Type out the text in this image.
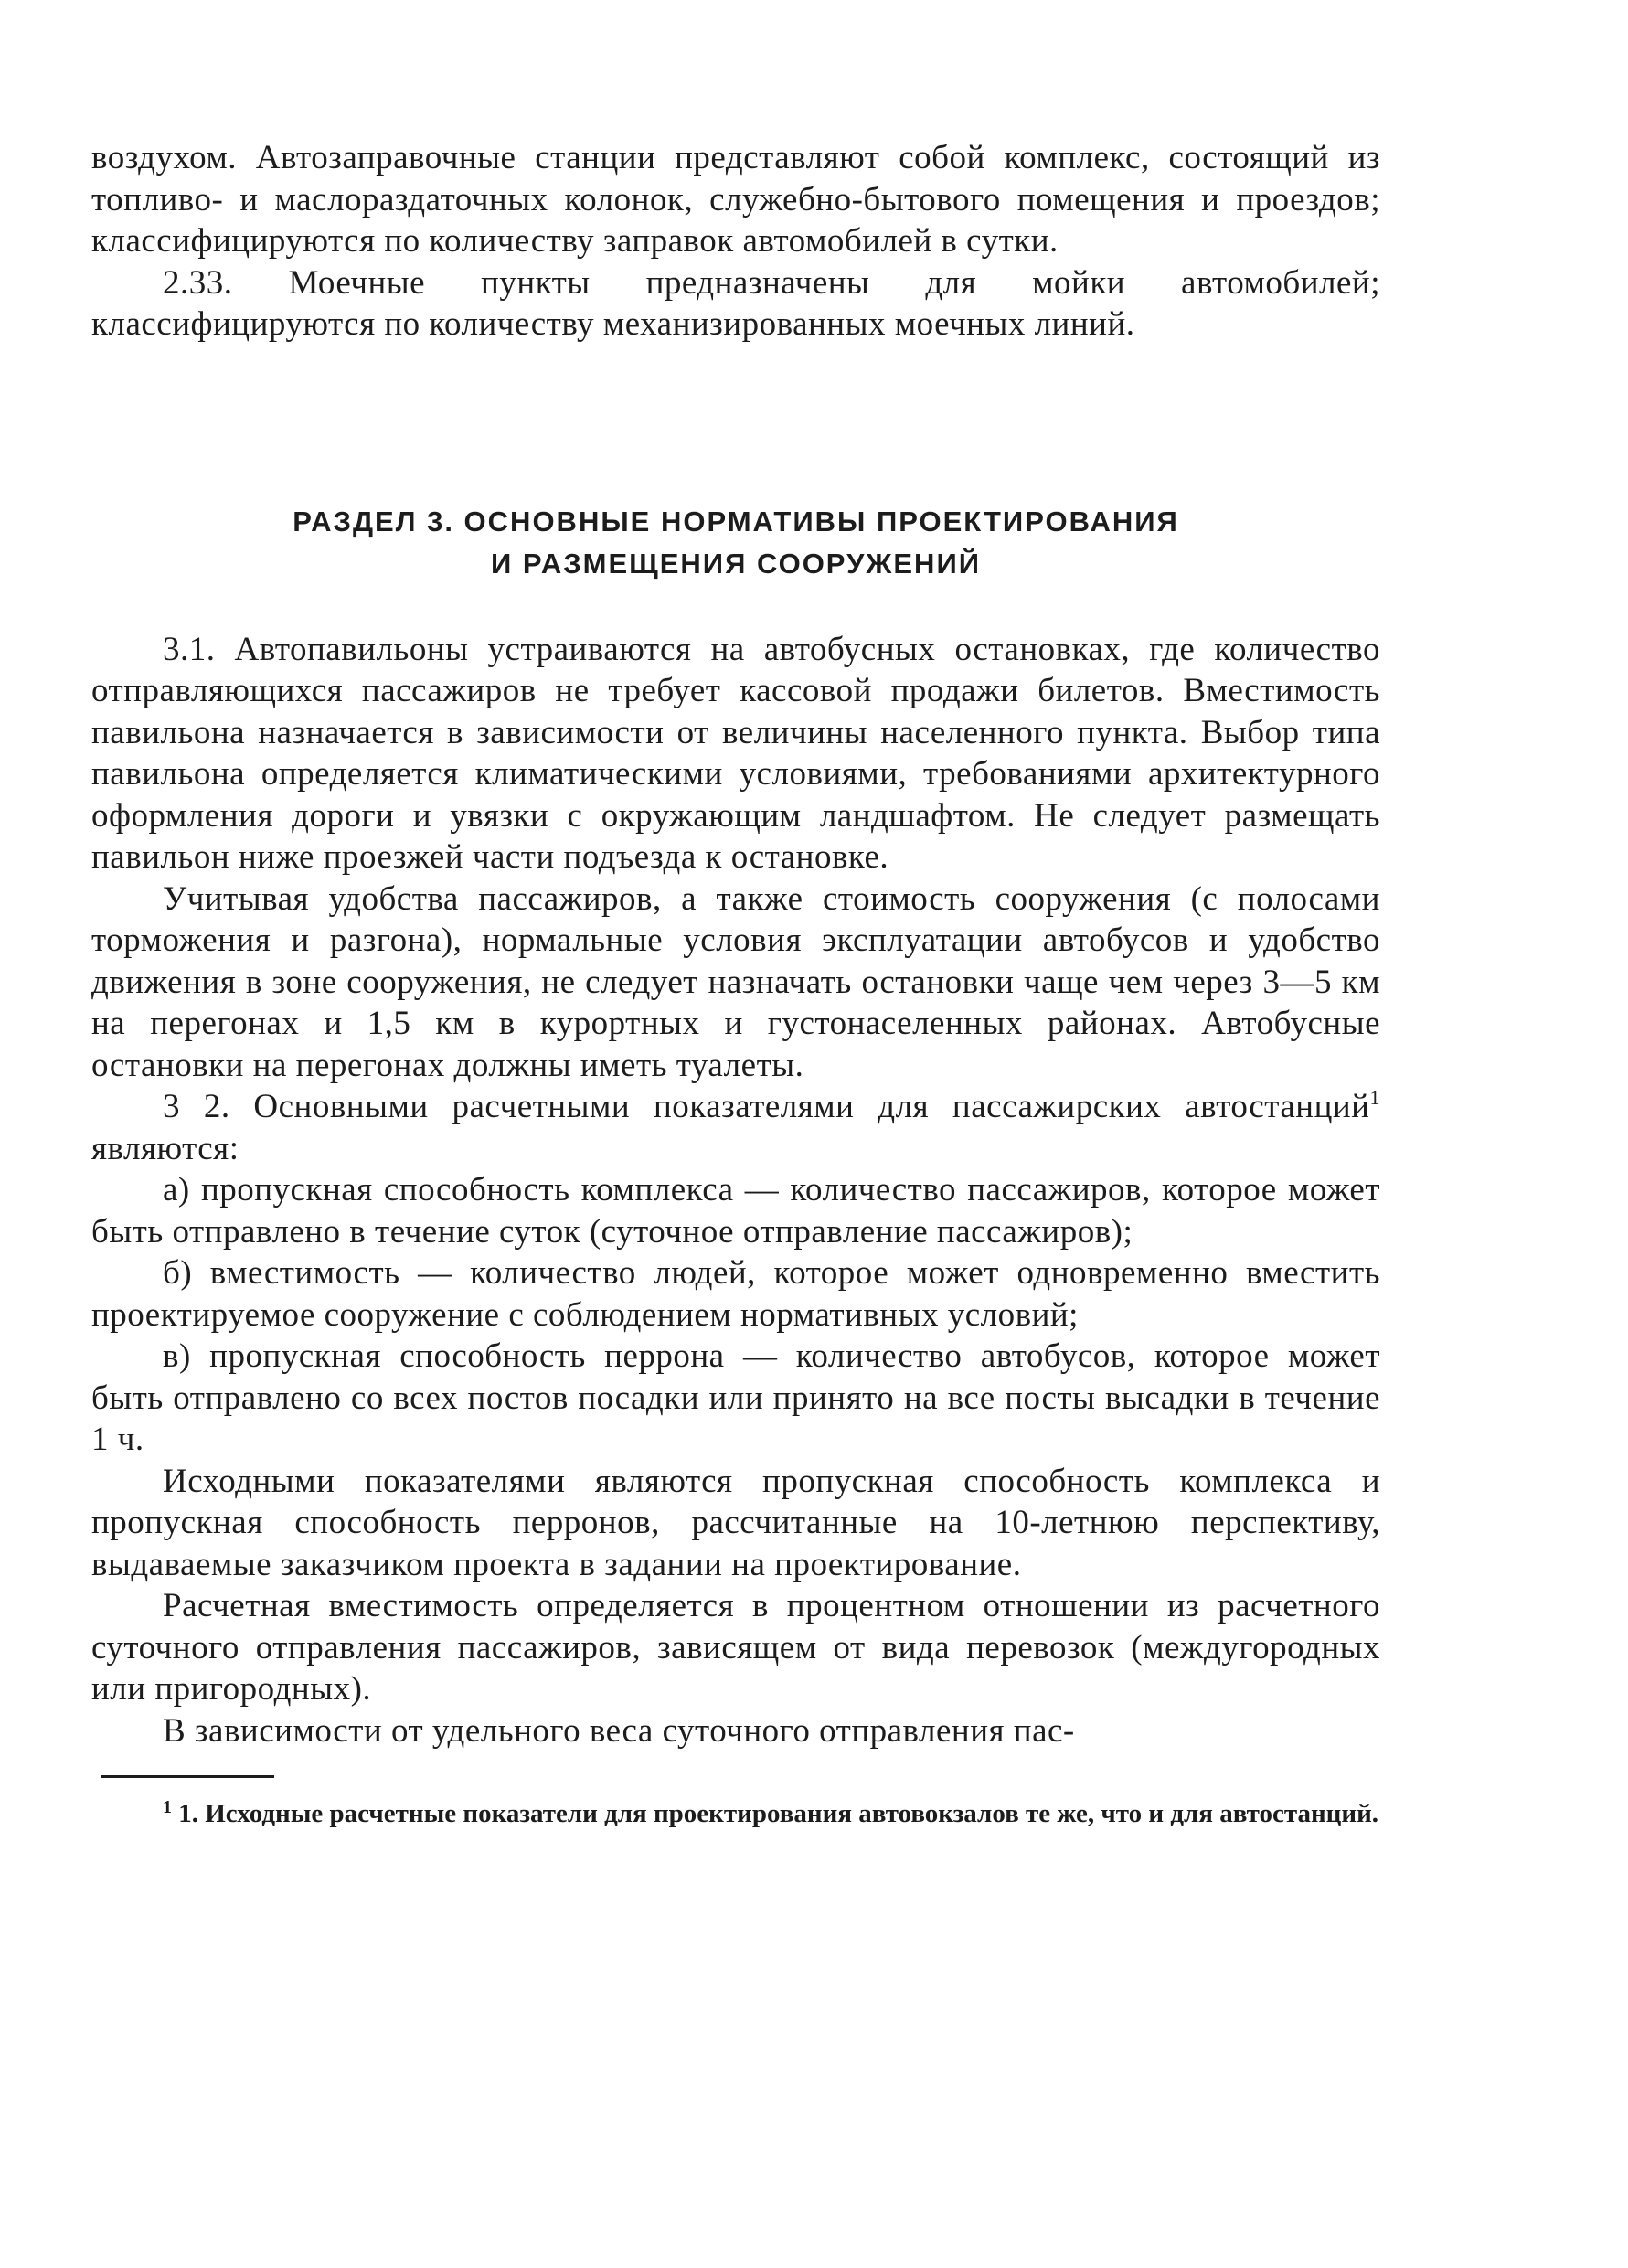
воздухом. Автозаправочные станции представляют собой комплекс, состоящий из топливо- и маслораздаточных колонок, служебно-бытового помещения и проездов; классифицируются по количеству заправок автомобилей в сутки.

2.33. Моечные пункты предназначены для мойки автомобилей; классифицируются по количеству механизированных моечных линий.

РАЗДЕЛ 3. ОСНОВНЫЕ НОРМАТИВЫ ПРОЕКТИРОВАНИЯ
И РАЗМЕЩЕНИЯ СООРУЖЕНИЙ

3.1. Автопавильоны устраиваются на автобусных остановках, где количество отправляющихся пассажиров не требует кассовой продажи билетов. Вместимость павильона назначается в зависимости от величины населенного пункта. Выбор типа павильона определяется климатическими условиями, требованиями архитектурного оформления дороги и увязки с окружающим ландшафтом. Не следует размещать павильон ниже проезжей части подъезда к остановке.

Учитывая удобства пассажиров, а также стоимость сооружения (с полосами торможения и разгона), нормальные условия эксплуатации автобусов и удобство движения в зоне сооружения, не следует назначать остановки чаще чем через 3—5 км на перегонах и 1,5 км в курортных и густонаселенных районах. Автобусные остановки на перегонах должны иметь туалеты.

3 2. Основными расчетными показателями для пассажирских автостанций$^1$ являются:

а) пропускная способность комплекса — количество пассажиров, которое может быть отправлено в течение суток (суточное отправление пассажиров);

б) вместимость — количество людей, которое может одновременно вместить проектируемое сооружение с соблюдением нормативных условий;

в) пропускная способность перрона — количество автобусов, которое может быть отправлено со всех постов посадки или принято на все посты высадки в течение 1 ч.

Исходными показателями являются пропускная способность комплекса и пропускная способность перронов, рассчитанные на 10-летнюю перспективу, выдаваемые заказчиком проекта в задании на проектирование.

Расчетная вместимость определяется в процентном отношении из расчетного суточного отправления пассажиров, зависящем от вида перевозок (междугородных или пригородных).

В зависимости от удельного веса суточного отправления пас-

$^1$ 1. Исходные расчетные показатели для проектирования автовокзалов те же, что и для автостанций.
